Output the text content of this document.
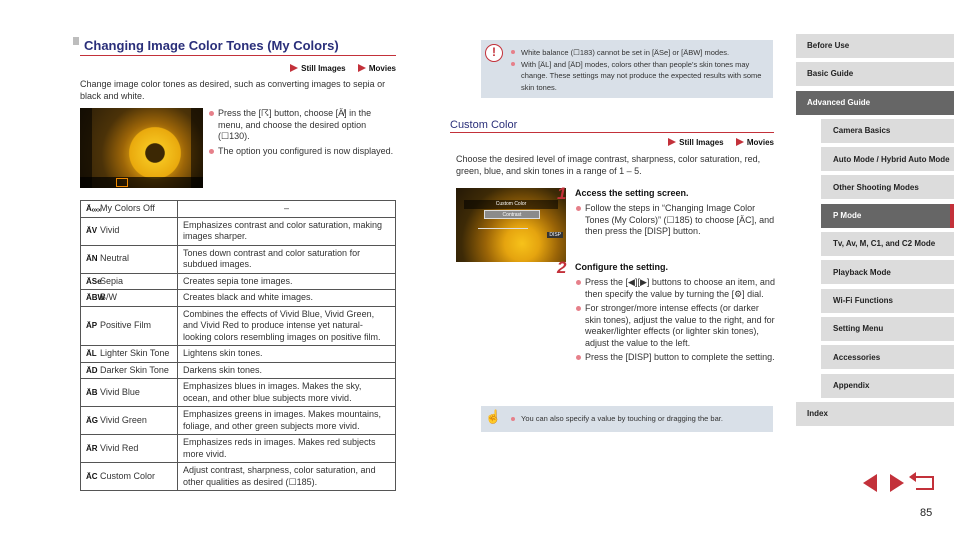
Changing Image Color Tones (My Colors)
Still Images	Movies

Change image color tones as desired, such as converting images to sepia or black and white.

Press the [☈] button, choose [Ä̸] in the menu, and choose the desired option (☐130).
The option you configured is now displayed.
ÄₒₓₓMy Colors Off	–
ÄV Vivid	Emphasizes contrast and color saturation, making images sharper.
ÄN Neutral	Tones down contrast and color saturation for subdued images.
ÄSeSepia	Creates sepia tone images.
ÄBWB/W	Creates black and white images.
ÄP Positive Film	Combines the effects of Vivid Blue, Vivid Green, and Vivid Red to produce intense yet natural-looking colors resembling images on positive film.
ÄL Lighter Skin Tone	Lightens skin tones.
ÄD Darker Skin Tone	Darkens skin tones.
ÄB Vivid Blue	Emphasizes blues in images. Makes the sky, ocean, and other blue subjects more vivid.
ÄG Vivid Green	Emphasizes greens in images. Makes mountains, foliage, and other green subjects more vivid.
ÄR Vivid Red	Emphasizes reds in images. Makes red subjects more vivid.
ÄC Custom Color	Adjust contrast, sharpness, color saturation, and other qualities as desired (☐185).
!	White balance (☐183) cannot be set in [ÄSe] or [ÄBW] modes.
With [ÄL] and [ÄD] modes, colors other than people’s skin tones may change. These settings may not produce the expected results with some skin tones.
Custom Color
Still Images	Movies

Choose the desired level of image contrast, sharpness, color saturation, red, green, blue, and skin tones in a range of 1 – 5.

Custom Color
Contrast
DISP
1 Access the setting screen.
Follow the steps in “Changing Image Color Tones (My Colors)” (☐185) to choose [ÄC], and then press the [DISP] button.
2 Configure the setting.
Press the [◀][▶] buttons to choose an item, and then specify the value by turning the [⚙] dial.
For stronger/more intense effects (or darker skin tones), adjust the value to the right, and for weaker/lighter effects (or lighter skin tones), adjust the value to the left.
Press the [DISP] button to complete the setting.
☝	You can also specify a value by touching or dragging the bar.
Before Use
Basic Guide
Advanced Guide
Camera Basics
Auto Mode / Hybrid Auto Mode
Other Shooting Modes
P Mode
Tv, Av, M, C1, and C2 Mode
Playback Mode
Wi-Fi Functions
Setting Menu
Accessories
Appendix
Index
85
